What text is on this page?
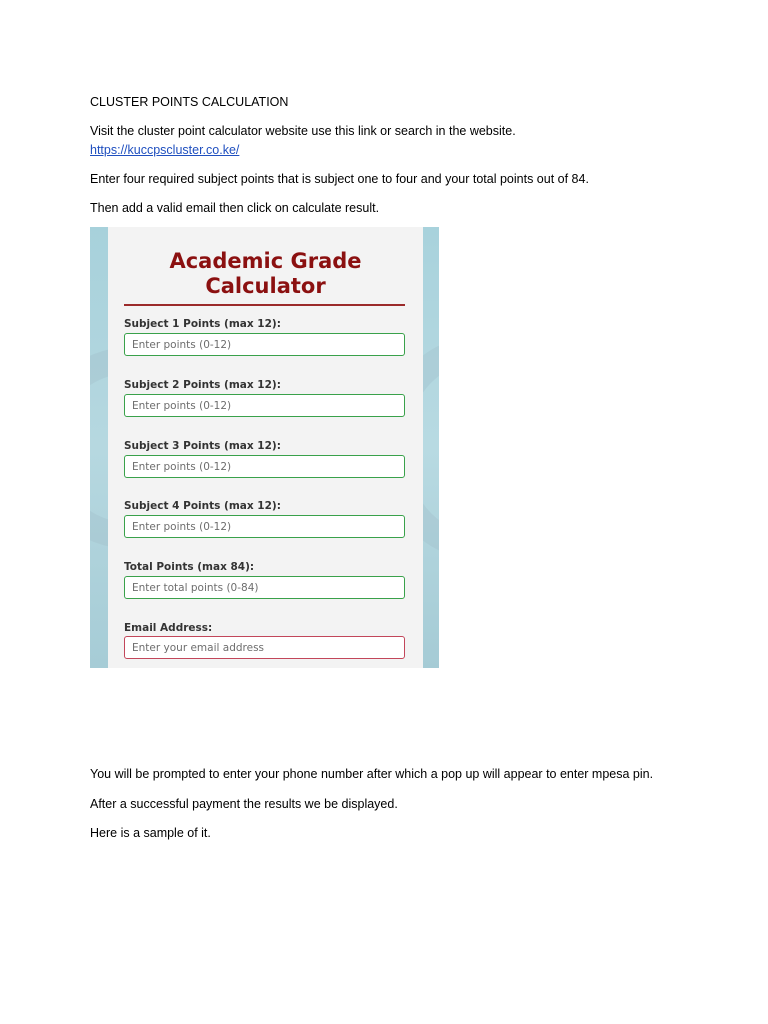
CLUSTER POINTS CALCULATION
Visit the cluster point calculator website use this link or search in the website.
https://kuccpscluster.co.ke/
Enter four required subject points that is subject one to four and your total points out of 84.
Then add a valid email then click on calculate result.
Academic Grade
Calculator
Subject 1 Points (max 12):
Enter points (0-12)
Subject 2 Points (max 12):
Enter points (0-12)
Subject 3 Points (max 12):
Enter points (0-12)
Subject 4 Points (max 12):
Enter points (0-12)
Total Points (max 84):
Enter total points (0-84)
Email Address:
Enter your email address
You will be prompted to enter your phone number after which a pop up will appear to enter mpesa pin.
After a successful payment the results we be displayed.
Here is a sample of it.
